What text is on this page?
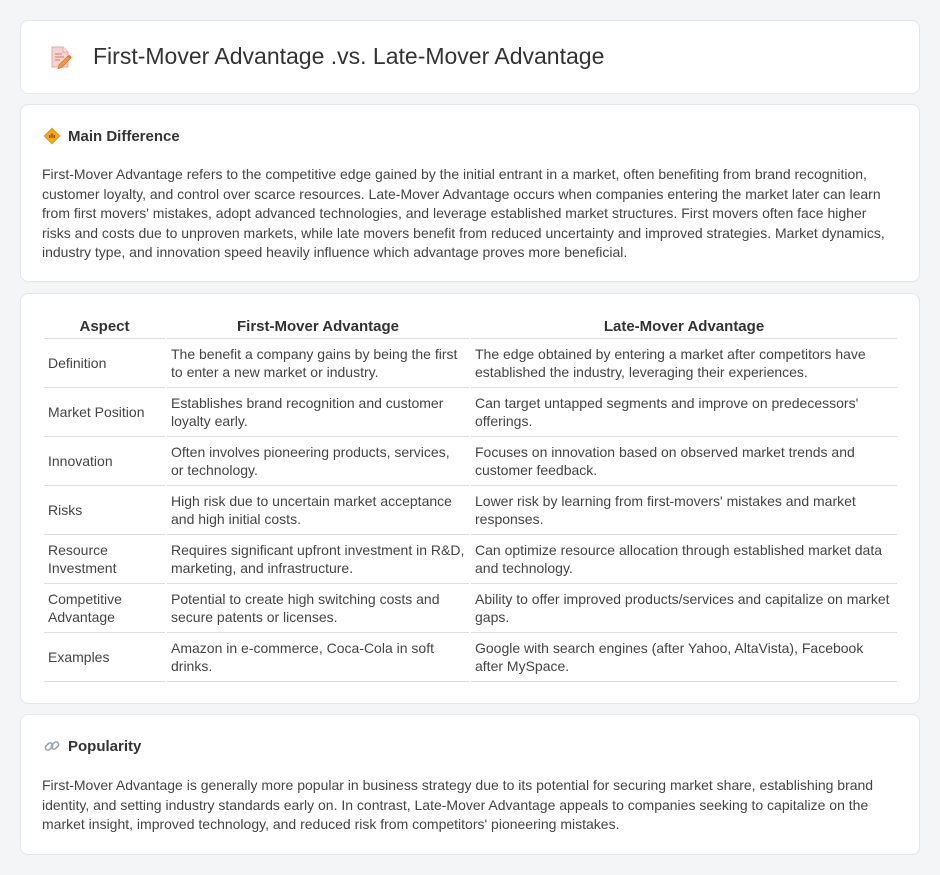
First-Mover Advantage .vs. Late-Mover Advantage
Main Difference

First-Mover Advantage refers to the competitive edge gained by the initial entrant in a market, often benefiting from brand recognition, customer loyalty, and control over scarce resources. Late-Mover Advantage occurs when companies entering the market later can learn from first movers' mistakes, adopt advanced technologies, and leverage established market structures. First movers often face higher risks and costs due to unproven markets, while late movers benefit from reduced uncertainty and improved strategies. Market dynamics, industry type, and innovation speed heavily influence which advantage proves more beneficial.

Aspect	First-Mover Advantage	Late-Mover Advantage
Definition	The benefit a company gains by being the first to enter a new market or industry.	The edge obtained by entering a market after competitors have established the industry, leveraging their experiences.
Market Position	Establishes brand recognition and customer loyalty early.	Can target untapped segments and improve on predecessors' offerings.
Innovation	Often involves pioneering products, services, or technology.	Focuses on innovation based on observed market trends and customer feedback.
Risks	High risk due to uncertain market acceptance and high initial costs.	Lower risk by learning from first-movers' mistakes and market responses.
Resource Investment	Requires significant upfront investment in R&D, marketing, and infrastructure.	Can optimize resource allocation through established market data and technology.
Competitive Advantage	Potential to create high switching costs and secure patents or licenses.	Ability to offer improved products/services and capitalize on market gaps.
Examples	Amazon in e-commerce, Coca-Cola in soft drinks.	Google with search engines (after Yahoo, AltaVista), Facebook after MySpace.
Popularity

First-Mover Advantage is generally more popular in business strategy due to its potential for securing market share, establishing brand identity, and setting industry standards early on. In contrast, Late-Mover Advantage appeals to companies seeking to capitalize on the market insight, improved technology, and reduced risk from competitors' pioneering mistakes.
